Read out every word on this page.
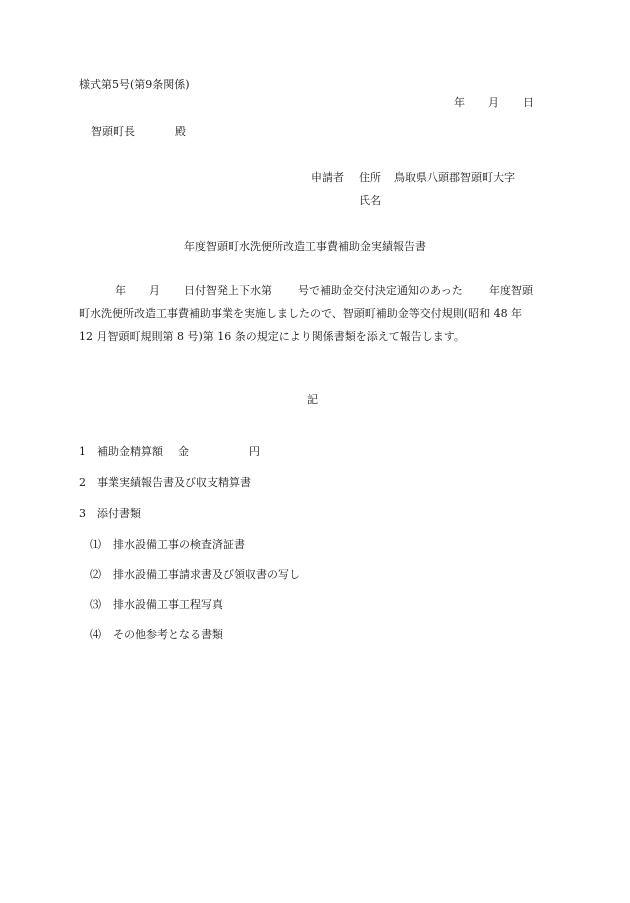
様式第5号(第9条関係)
年 月 日
智頭町長	殿
申請者 住所 鳥取県八頭郡智頭町大字
氏名
年度智頭町水洗便所改造工事費補助金実績報告書
年 月 日付智発上下水第 号で補助金交付決定通知のあった 年度智頭
町水洗便所改造工事費補助事業を実施しましたので、智頭町補助金等交付規則(昭和 48 年
12 月智頭町規則第 8 号)第 16 条の規定により関係書類を添えて報告します。
記
1 補助金精算額 金	円
2 事業実績報告書及び収支精算書
3 添付書類
⑴ 排水設備工事の検査済証書
⑵ 排水設備工事請求書及び領収書の写し
⑶ 排水設備工事工程写真
⑷ その他参考となる書類
